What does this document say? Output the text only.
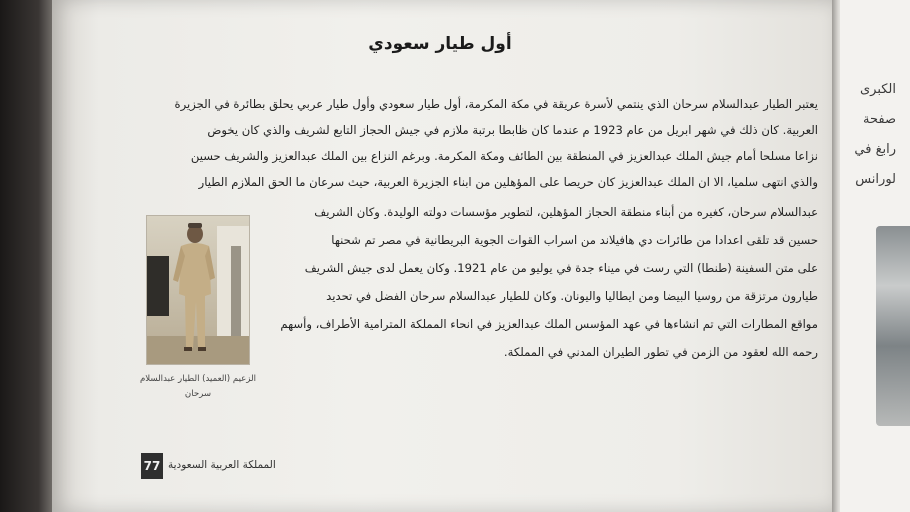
أول طيار سعودي
يعتبر الطيار عبدالسلام سرحان الذي ينتمي لأسرة عريقة في مكة المكرمة، أول طيار سعودي وأول طيار عربي يحلق بطائرة في الجزيرة
العربية. كان ذلك في شهر ابريل من عام 1923 م عندما كان ظابطا برتبة ملازم في جيش الحجاز التابع لشريف والذي كان يخوض
نزاعا مسلحا أمام جيش الملك عبدالعزيز في المنطقة بين الطائف ومكة المكرمة. وبرغم النزاع بين الملك عبدالعزيز والشريف حسين
والذي انتهى سلميا، الا ان الملك عبدالعزيز كان حريصا على المؤهلين من ابناء الجزيرة العربية، حيث سرعان ما الحق الملازم الطيار
عبدالسلام سرحان، كغيره من أبناء منطقة الحجاز المؤهلين، لتطوير مؤسسات دولته الوليدة. وكان الشريف
حسين قد تلقى اعدادا من طائرات دي هافيلاند من اسراب القوات الجوية البريطانية في مصر تم شحنها
على متن السفينة (طنطا) التي رست في ميناء جدة في يوليو من عام 1921. وكان يعمل لدى جيش الشريف
طيارون مرتزقة من روسيا البيضا ومن ايطاليا واليونان. وكان للطيار عبدالسلام سرحان الفضل في تحديد
مواقع المطارات التي تم انشاءها في عهد المؤسس الملك عبدالعزيز في انحاء المملكة المترامية الأطراف، وأسهم
رحمه الله لعقود من الزمن في تطور الطيران المدني في المملكة.
الزعيم (العميد) الطيار عبدالسلام
سرحان
77 المملكة العربية السعودية
الكبرى
صفحة
رابغ في
لورانس
